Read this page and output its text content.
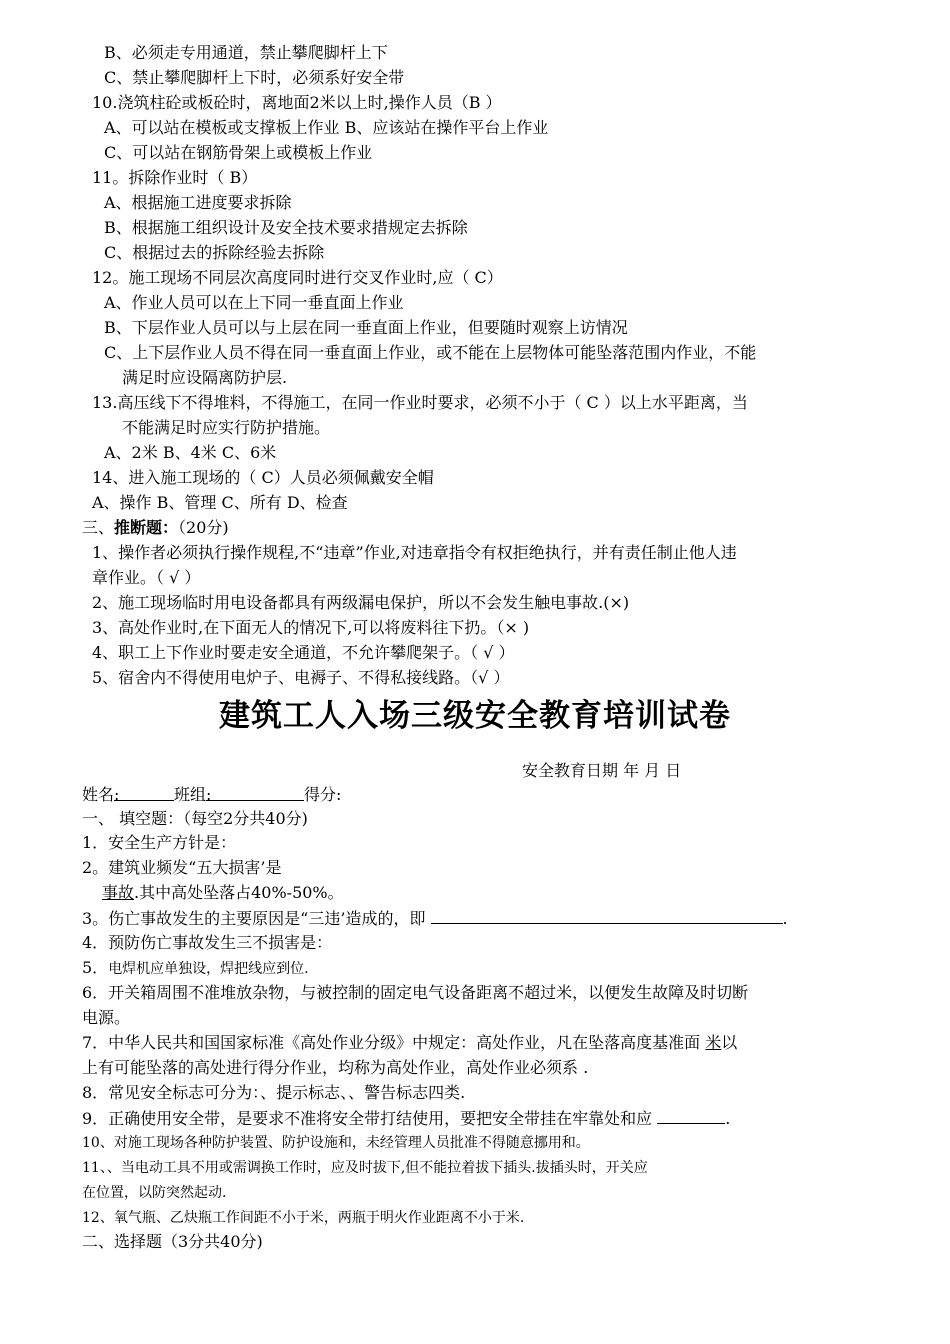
B、必须走专用通道，禁止攀爬脚杆上下
C、禁止攀爬脚杆上下时，必须系好安全带
10.浇筑柱砼或板砼时，离地面2米以上时,操作人员（B ）
A、可以站在模板或支撑板上作业 B、应该站在操作平台上作业
C、可以站在钢筋骨架上或模板上作业
11。拆除作业时（ B）
A、根据施工进度要求拆除
B、根据施工组织设计及安全技术要求措规定去拆除
C、根据过去的拆除经验去拆除
12。施工现场不同层次高度同时进行交叉作业时,应（ C）
A、作业人员可以在上下同一垂直面上作业
B、下层作业人员可以与上层在同一垂直面上作业，但要随时观察上访情况
C、上下层作业人员不得在同一垂直面上作业，或不能在上层物体可能坠落范围内作业，不能
满足时应设隔离防护层.
13.高压线下不得堆料，不得施工，在同一作业时要求，必须不小于（ C ）以上水平距离，当
不能满足时应实行防护措施。
A、2米 B、4米 C、6米
14、进入施工现场的（ C）人员必须佩戴安全帽
A、操作 B、管理 C、所有 D、检查
三、推断题：（20分)
1、操作者必须执行操作规程,不“违章”作业,对违章指令有权拒绝执行，并有责任制止他人违
章作业。（ √ ）
2、施工现场临时用电设备都具有两级漏电保护，所以不会发生触电事故.(×)
3、高处作业时,在下面无人的情况下,可以将废料往下扔。（× )
4、职工上下作业时要走安全通道，不允许攀爬架子。（ √ ）
5、宿舍内不得使用电炉子、电褥子、不得私接线路。（√ ）
建筑工人入场三级安全教育培训试卷
安全教育日期 年 月 日
姓名:	班组:	得分:
一、 填空题：（每空2分共40分)
1．安全生产方针是：
2。建筑业频发“五大损害’是
事故.其中高处坠落占40%-50%。
3。伤亡事故发生的主要原因是“三违’造成的，即	.
4．预防伤亡事故发生三不损害是：
5．电焊机应单独设，焊把线应到位.
6．开关箱周围不准堆放杂物，与被控制的固定电气设备距离不超过米，以便发生故障及时切断
电源。
7．中华人民共和国国家标准《高处作业分级》中规定：高处作业，凡在坠落高度基准面 米以
上有可能坠落的高处进行得分作业，均称为高处作业，高处作业必须系 .
8．常见安全标志可分为：、提示标志、、警告标志四类.
9．正确使用安全带，是要求不准将安全带打结使用，要把安全带挂在牢靠处和应	.
10、对施工现场各种防护装置、防护设施和，未经管理人员批准不得随意挪用和。
11、、当电动工具不用或需调换工作时，应及时拔下,但不能拉着拔下插头.拔插头时，开关应
在位置，以防突然起动.
12、氧气瓶、乙炔瓶工作间距不小于米，两瓶于明火作业距离不小于米.
二、选择题（3分共40分)
